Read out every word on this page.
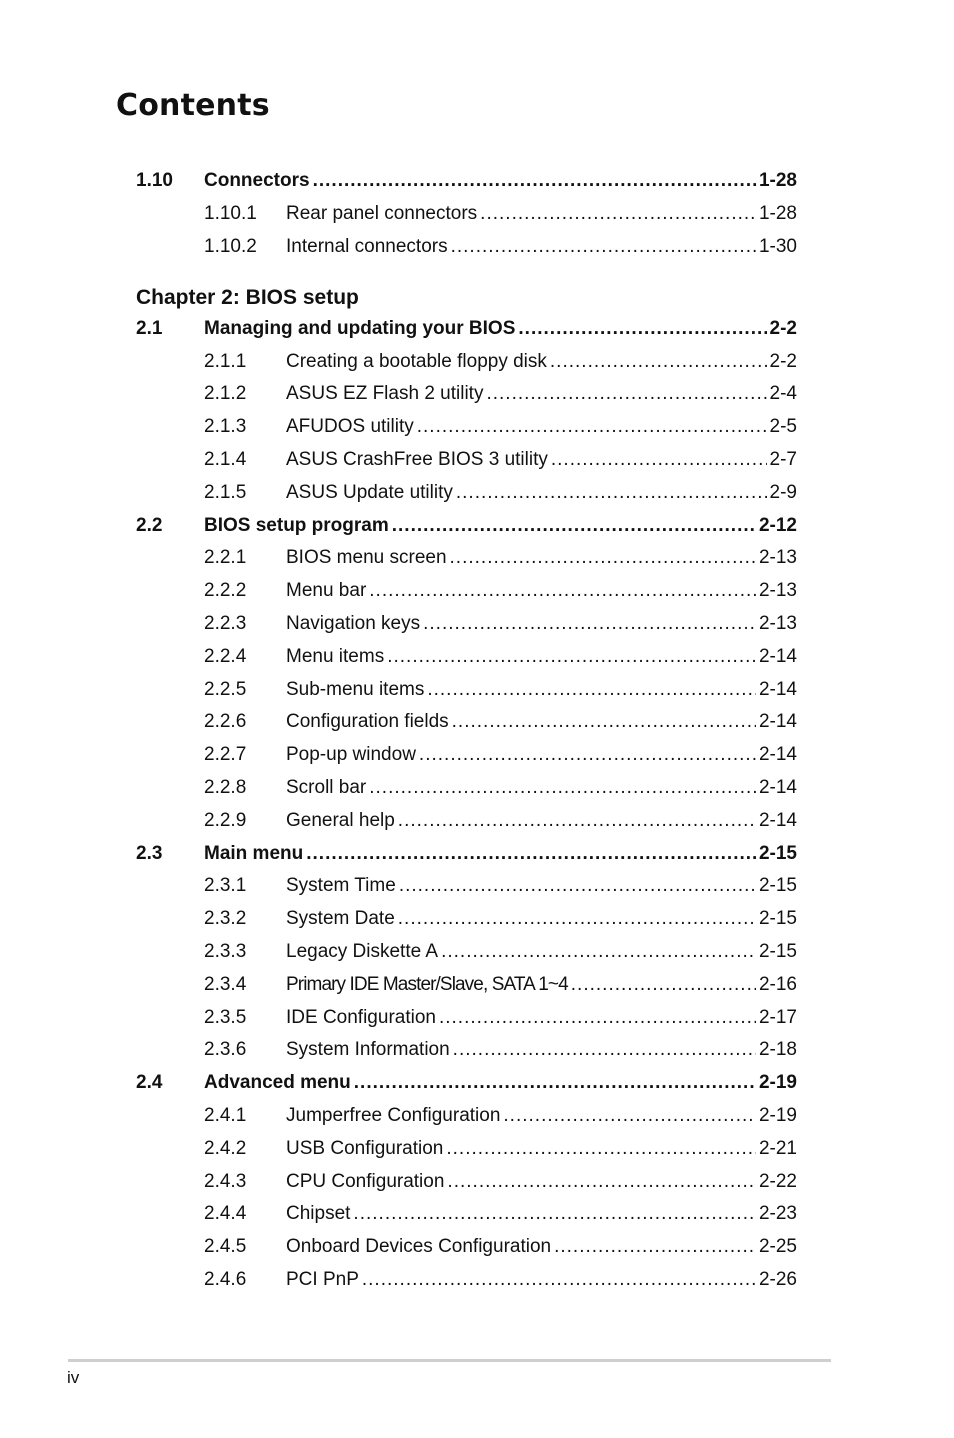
Contents
1.10	Connectors .....	1-28
1.10.1	Rear panel connectors .....	1-28
1.10.2	Internal connectors .....	1-30
Chapter 2: BIOS setup
2.1	Managing and updating your BIOS .....	2-2
2.1.1	Creating a bootable floppy disk .....	2-2
2.1.2	ASUS EZ Flash 2 utility .....	2-4
2.1.3	AFUDOS utility .....	2-5
2.1.4	ASUS CrashFree BIOS 3 utility .....	2-7
2.1.5	ASUS Update utility .....	2-9
2.2	BIOS setup program .....	2-12
2.2.1	BIOS menu screen .....	2-13
2.2.2	Menu bar .....	2-13
2.2.3	Navigation keys .....	2-13
2.2.4	Menu items .....	2-14
2.2.5	Sub-menu items .....	2-14
2.2.6	Configuration fields .....	2-14
2.2.7	Pop-up window .....	2-14
2.2.8	Scroll bar .....	2-14
2.2.9	General help .....	2-14
2.3	Main menu .....	2-15
2.3.1	System Time .....	2-15
2.3.2	System Date .....	2-15
2.3.3	Legacy Diskette A .....	2-15
2.3.4	Primary IDE Master/Slave, SATA 1~4 .....	2-16
2.3.5	IDE Configuration .....	2-17
2.3.6	System Information .....	2-18
2.4	Advanced menu .....	2-19
2.4.1	Jumperfree Configuration .....	2-19
2.4.2	USB Configuration .....	2-21
2.4.3	CPU Configuration .....	2-22
2.4.4	Chipset .....	2-23
2.4.5	Onboard Devices Configuration .....	2-25
2.4.6	PCI PnP .....	2-26
iv
